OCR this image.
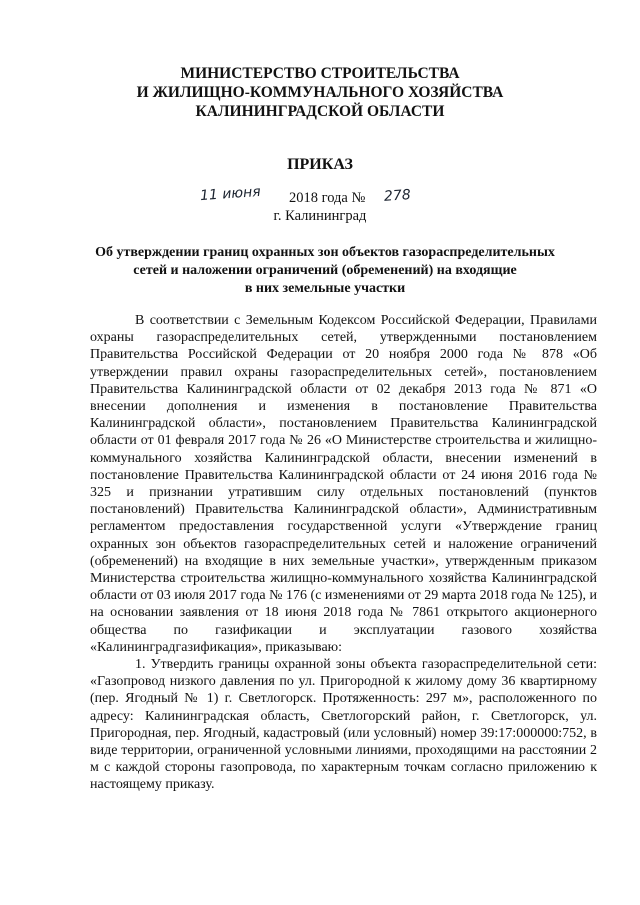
МИНИСТЕРСТВО СТРОИТЕЛЬСТВА
И ЖИЛИЩНО-КОММУНАЛЬНОГО ХОЗЯЙСТВА
КАЛИНИНГРАДСКОЙ ОБЛАСТИ
ПРИКАЗ
11 июня 2018 года № 278
г. Калининград
Об утверждении границ охранных зон объектов газораспределительных
сетей и наложении ограничений (обременений) на входящие
в них земельные участки

В соответствии с Земельным Кодексом Российской Федерации, Правилами охраны газораспределительных сетей, утвержденными постановлением Правительства Российской Федерации от 20 ноября 2000 года № 878 «Об утверждении правил охраны газораспределительных сетей», постановлением Правительства Калининградской области от 02 декабря 2013 года № 871 «О внесении дополнения и изменения в постановление Правительства Калининградской области», постановлением Правительства Калининградской области от 01 февраля 2017 года № 26 «О Министерстве строительства и жилищно-коммунального хозяйства Калининградской области, внесении изменений в постановление Правительства Калининградской области от 24 июня 2016 года № 325 и признании утратившим силу отдельных постановлений (пунктов постановлений) Правительства Калининградской области», Административным регламентом предоставления государственной услуги «Утверждение границ охранных зон объектов газораспределительных сетей и наложение ограничений (обременений) на входящие в них земельные участки», утвержденным приказом Министерства строительства жилищно-коммунального хозяйства Калининградской области от 03 июля 2017 года № 176 (с изменениями от 29 марта 2018 года № 125), и на основании заявления от 18 июня 2018 года № 7861 открытого акционерного общества по газификации и эксплуатации газового хозяйства «Калининградгазификация», приказываю:

1. Утвердить границы охранной зоны объекта газораспределительной сети: «Газопровод низкого давления по ул. Пригородной к жилому дому 36 квартирному (пер. Ягодный № 1) г. Светлогорск. Протяженность: 297 м», расположенного по адресу: Калининградская область, Светлогорский район, г. Светлогорск, ул. Пригородная, пер. Ягодный, кадастровый (или условный) номер 39:17:000000:752, в виде территории, ограниченной условными линиями, проходящими на расстоянии 2 м с каждой стороны газопровода, по характерным точкам согласно приложению к настоящему приказу.
